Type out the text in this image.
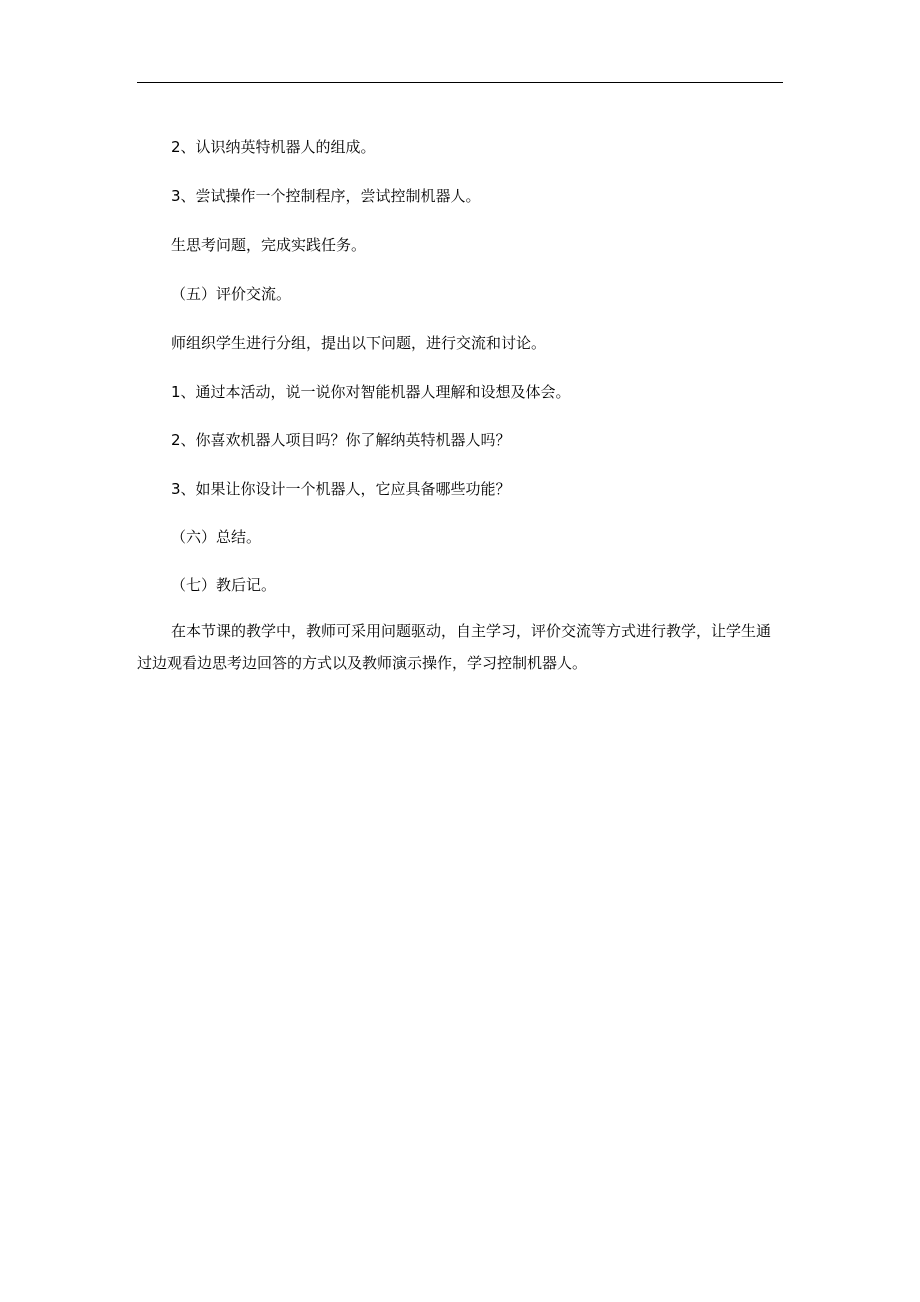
2、认识纳英特机器人的组成。
3、尝试操作一个控制程序，尝试控制机器人。
生思考问题，完成实践任务。
（五）评价交流。
师组织学生进行分组，提出以下问题，进行交流和讨论。
1、通过本活动，说一说你对智能机器人理解和设想及体会。
2、你喜欢机器人项目吗？你了解纳英特机器人吗？
3、如果让你设计一个机器人，它应具备哪些功能？
（六）总结。
（七）教后记。
在本节课的教学中，教师可采用问题驱动，自主学习，评价交流等方式进行教学，让学生通过边观看边思考边回答的方式以及教师演示操作，学习控制机器人。
